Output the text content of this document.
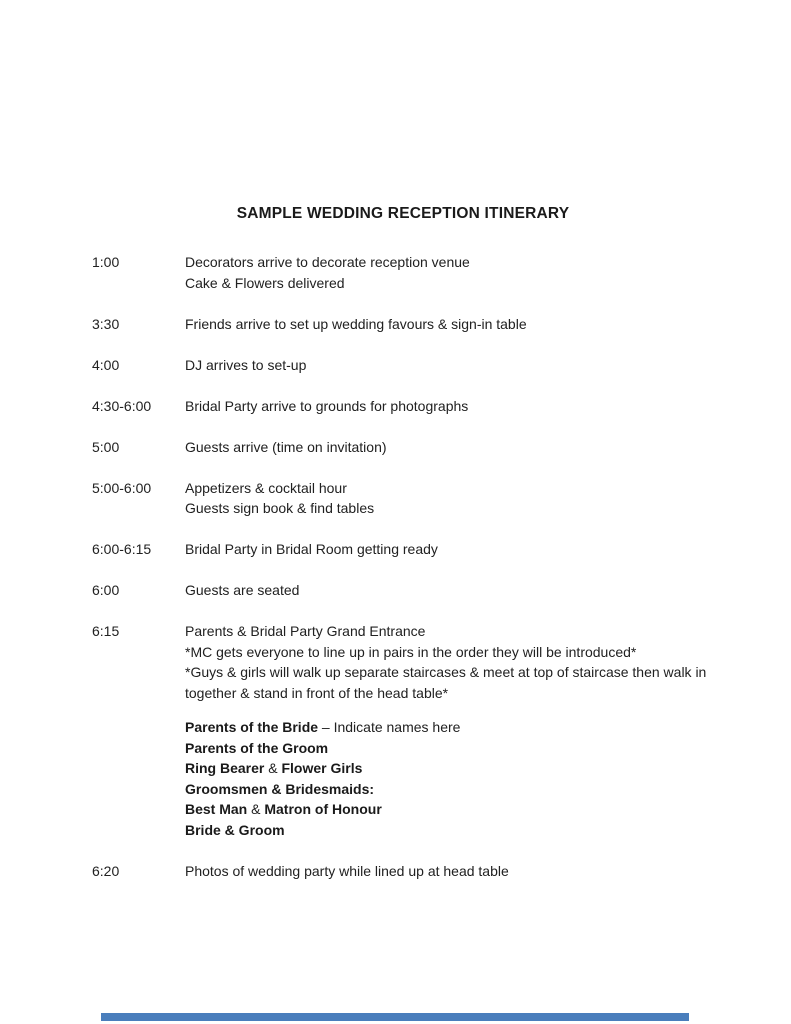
SAMPLE WEDDING RECEPTION ITINERARY
1:00	Decorators arrive to decorate reception venue
Cake & Flowers delivered
3:30	Friends arrive to set up wedding favours & sign-in table
4:00	DJ arrives to set-up
4:30-6:00	Bridal Party arrive to grounds for photographs
5:00	Guests arrive (time on invitation)
5:00-6:00	Appetizers & cocktail hour
Guests sign book & find tables
6:00-6:15	Bridal Party in Bridal Room getting ready
6:00	Guests are seated
6:15	Parents & Bridal Party Grand Entrance
*MC gets everyone to line up in pairs in the order they will be introduced*
*Guys & girls will walk up separate staircases & meet at top of staircase then walk in
together & stand in front of the head table*
Parents of the Bride – Indicate names here
Parents of the Groom
Ring Bearer & Flower Girls
Groomsmen & Bridesmaids:
Best Man & Matron of Honour
Bride & Groom
6:20	Photos of wedding party while lined up at head table
